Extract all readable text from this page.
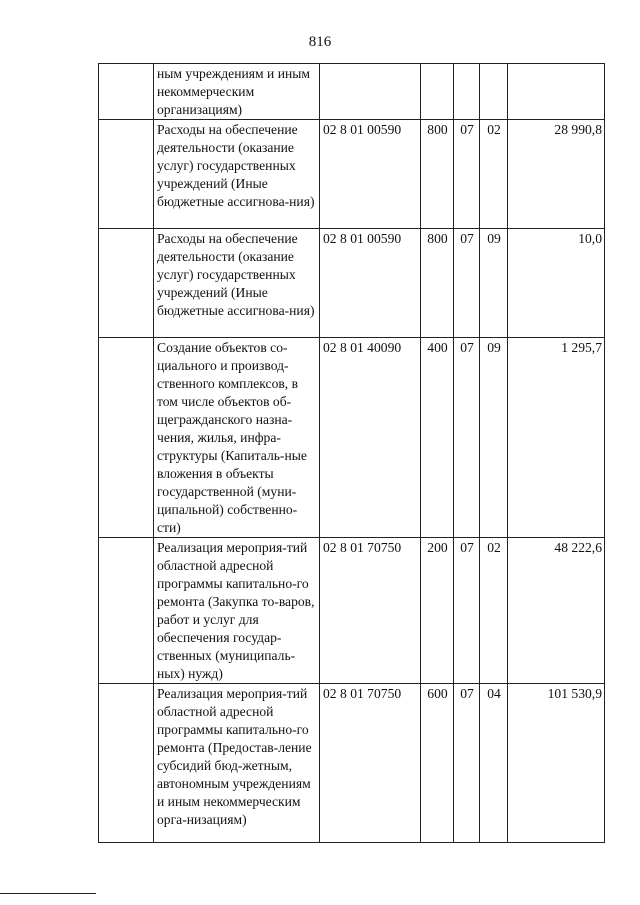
816
	ным учреждениям и иным некоммерческим организациям)					
	Расходы на обеспечение деятельности (оказание услуг) государственных учреждений (Иные бюджетные ассигнова-ния)	02 8 01 00590	800	07	02	28 990,8
	Расходы на обеспечение деятельности (оказание услуг) государственных учреждений (Иные бюджетные ассигнова-ния)	02 8 01 00590	800	07	09	10,0
	Создание объектов со-циального и производ-ственного комплексов, в том числе объектов об-щегражданского назна-чения, жилья, инфра-структуры (Капиталь-ные вложения в объекты государственной (муни-ципальной) собственно-сти)	02 8 01 40090	400	07	09	1 295,7
	Реализация мероприя-тий областной адресной программы капитально-го ремонта (Закупка то-варов, работ и услуг для обеспечения государ-ственных (муниципаль-ных) нужд)	02 8 01 70750	200	07	02	48 222,6
	Реализация мероприя-тий областной адресной программы капитально-го ремонта (Предостав-ление субсидий бюд-жетным, автономным учреждениям и иным некоммерческим орга-низациям)	02 8 01 70750	600	07	04	101 530,9
